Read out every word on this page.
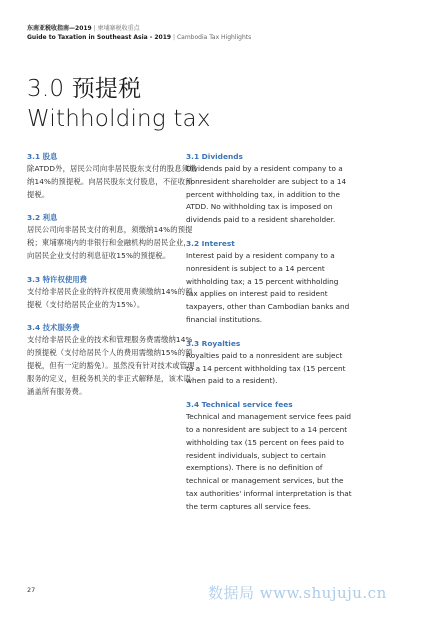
东南亚税收指南—2019 | 柬埔寨税收重点
Guide to Taxation in Southeast Asia - 2019 | Cambodia Tax Highlights
3.0 预提税
Withholding tax
3.1 股息

除ATDD外，居民公司向非居民股东支付的股息须缴纳14%的预提税。向居民股东支付股息，不征收预提税。

3.2 利息

居民公司向非居民支付的利息，须缴纳14%的预提税；柬埔寨境内的非银行和金融机构的居民企业，向居民企业支付的利息征收15%的预提税。

3.3 特许权使用费

支付给非居民企业的特许权使用费须缴纳14%的预提税（支付给居民企业的为15%）。

3.4 技术服务费

支付给非居民企业的技术和管理服务费需缴纳14%的预提税（支付给居民个人的费用需缴纳15%的预提税，但有一定的豁免）。虽然没有针对技术或管理服务的定义，但税务机关的非正式解释是，该术语涵盖所有服务费。

3.1 Dividends

Dividends paid by a resident company to a nonresident shareholder are subject to a 14 percent withholding tax, in addition to the ATDD. No withholding tax is imposed on dividends paid to a resident shareholder.

3.2 Interest

Interest paid by a resident company to a nonresident is subject to a 14 percent withholding tax; a 15 percent withholding tax applies on interest paid to resident taxpayers, other than Cambodian banks and financial institutions.

3.3 Royalties

Royalties paid to a nonresident are subject to a 14 percent withholding tax (15 percent when paid to a resident).

3.4 Technical service fees

Technical and management service fees paid to a nonresident are subject to a 14 percent withholding tax (15 percent on fees paid to resident individuals, subject to certain exemptions). There is no definition of technical or management services, but the tax authorities' informal interpretation is that the term captures all service fees.

27	数据局 www.shujuju.cn
